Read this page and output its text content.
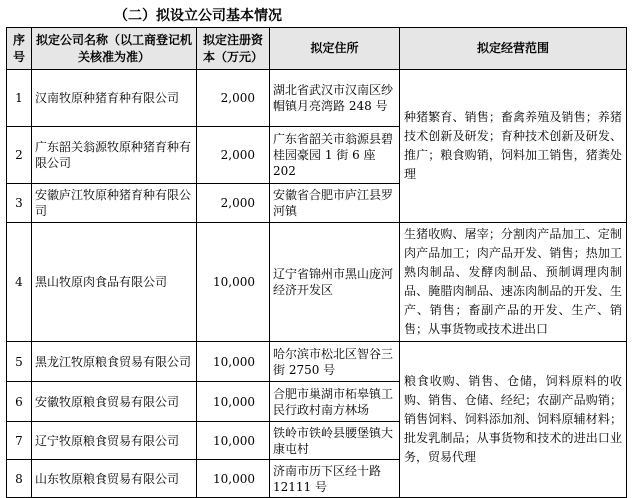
（二）拟设立公司基本情况
序号	拟定公司名称（以工商登记机关核准为准）	拟定注册资本（万元）	拟定住所	拟定经营范围
1	汉南牧原种猪育种有限公司	2,000	湖北省武汉市汉南区纱帽镇月亮湾路 248 号	种猪繁育、销售；畜禽养殖及销售；养猪技术创新及研发；育种技术创新及研发、推广；粮食购销，饲料加工销售，猪粪处理
2	广东韶关翁源牧原种猪育种有限公司	2,000	广东省韶关市翁源县碧桂园豪园 1 街 6 座 202	
3	安徽庐江牧原种猪育种有限公司	2,000	安徽省合肥市庐江县罗河镇	
4	黑山牧原肉食品有限公司	10,000	辽宁省锦州市黑山庞河经济开发区	生猪收购、屠宰；分割肉产品加工、定制肉产品加工；肉产品开发、销售；热加工熟肉制品、发酵肉制品、预制调理肉制品、腌腊肉制品、速冻肉制品的开发、生产、销售；畜副产品的开发、生产、销售；从事货物或技术进出口
5	黑龙江牧原粮食贸易有限公司	10,000	哈尔滨市松北区智谷三街 2750 号	粮食收购、销售、仓储，饲料原料的收购、销售、仓储、经纪；农副产品购销；销售饲料、饲料添加剂、饲料原辅材料；批发乳制品；从事货物和技术的进出口业务，贸易代理
6	安徽牧原粮食贸易有限公司	10,000	合肥市巢湖市柘皋镇工民行政村南方林场	
7	辽宁牧原粮食贸易有限公司	10,000	铁岭市铁岭县腰堡镇大康屯村	
8	山东牧原粮食贸易有限公司	10,000	济南市历下区经十路 12111 号	
